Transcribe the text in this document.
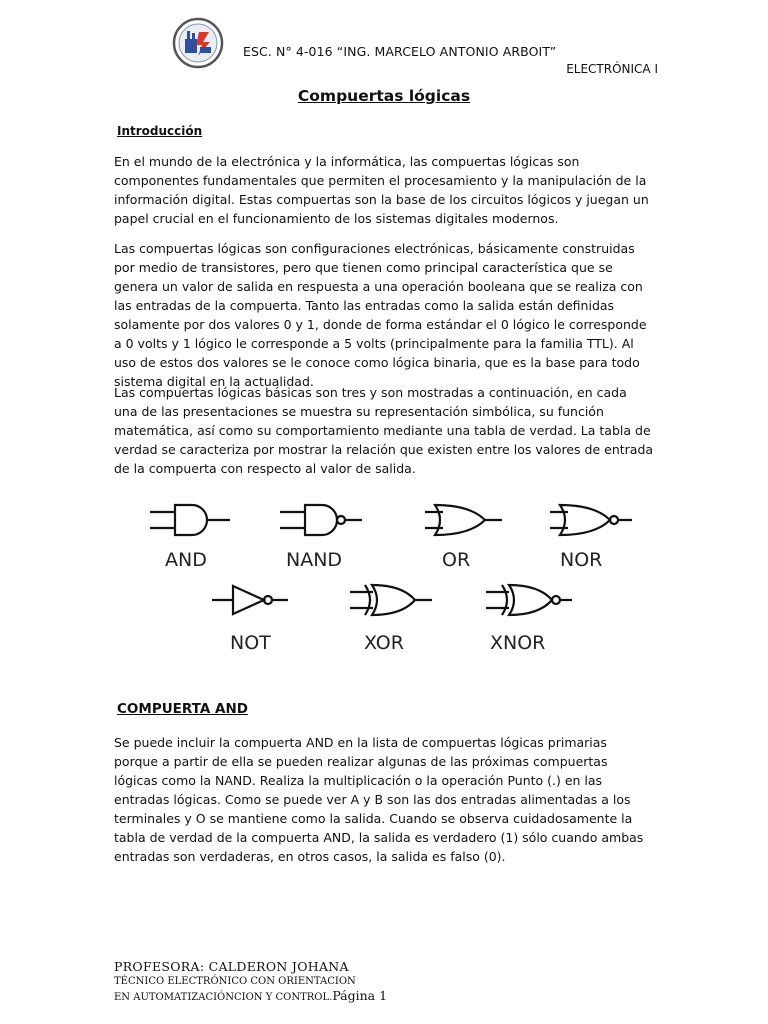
ESC. N° 4-016 “ING. MARCELO ANTONIO ARBOIT”
ELECTRÓNICA I
Compuertas lógicas
Introducción

En el mundo de la electrónica y la informática, las compuertas lógicas son componentes fundamentales que permiten el procesamiento y la manipulación de la información digital. Estas compuertas son la base de los circuitos lógicos y juegan un papel crucial en el funcionamiento de los sistemas digitales modernos.

Las compuertas lógicas son configuraciones electrónicas, básicamente construidas por medio de transistores, pero que tienen como principal característica que se genera un valor de salida en respuesta a una operación booleana que se realiza con las entradas de la compuerta. Tanto las entradas como la salida están definidas solamente por dos valores 0 y 1, donde de forma estándar el 0 lógico le corresponde a 0 volts y 1 lógico le corresponde a 5 volts (principalmente para la familia TTL). Al uso de estos dos valores se le conoce como lógica binaria, que es la base para todo sistema digital en la actualidad.

Las compuertas lógicas básicas son tres y son mostradas a continuación, en cada una de las presentaciones se muestra su representación simbólica, su función matemática, así como su comportamiento mediante una tabla de verdad. La tabla de verdad se caracteriza por mostrar la relación que existen entre los valores de entrada de la compuerta con respecto al valor de salida.

AND	NAND	OR	NOR
NOT	XOR	XNOR
COMPUERTA AND

Se puede incluir la compuerta AND en la lista de compuertas lógicas primarias porque a partir de ella se pueden realizar algunas de las próximas compuertas lógicas como la NAND. Realiza la multiplicación o la operación Punto (.) en las entradas lógicas. Como se puede ver A y B son las dos entradas alimentadas a los terminales y O se mantiene como la salida. Cuando se observa cuidadosamente la tabla de verdad de la compuerta AND, la salida es verdadero (1) sólo cuando ambas entradas son verdaderas, en otros casos, la salida es falso (0).

PROFESORA: CALDERON JOHANA
TÉCNICO ELECTRÓNICO CON ORIENTACION
EN AUTOMATIZACIÓNCION Y CONTROL.Página 1
